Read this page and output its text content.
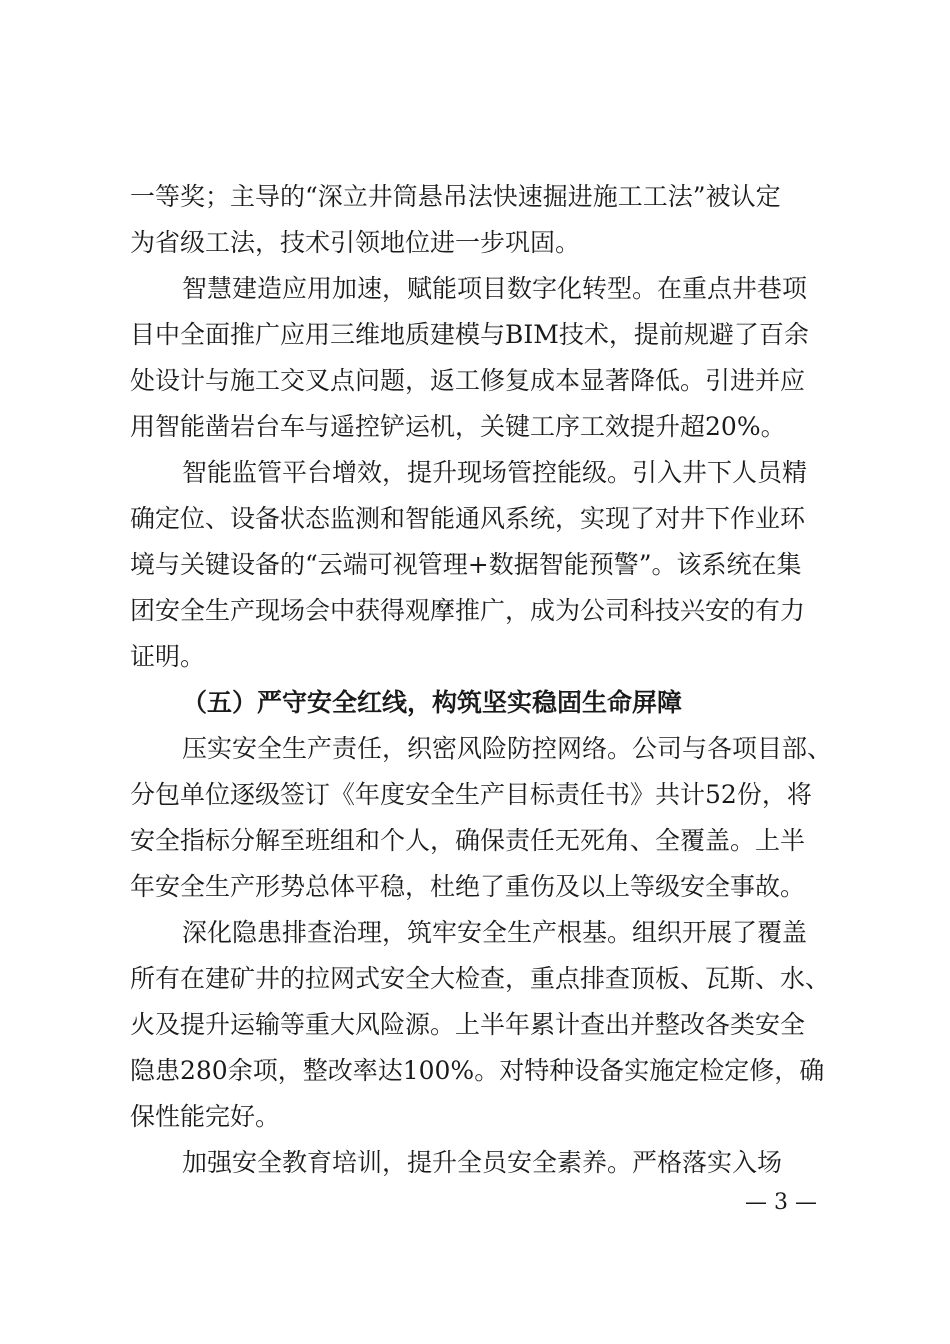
一等奖；主导的“深立井筒悬吊法快速掘进施工工法”被认定
为省级工法，技术引领地位进一步巩固。
智慧建造应用加速，赋能项目数字化转型。在重点井巷项
目中全面推广应用三维地质建模与BIM技术，提前规避了百余
处设计与施工交叉点问题，返工修复成本显著降低。引进并应
用智能凿岩台车与遥控铲运机，关键工序工效提升超20%。
智能监管平台增效，提升现场管控能级。引入井下人员精
确定位、设备状态监测和智能通风系统，实现了对井下作业环
境与关键设备的“云端可视管理+数据智能预警”。该系统在集
团安全生产现场会中获得观摩推广，成为公司科技兴安的有力
证明。
（五）严守安全红线，构筑坚实稳固生命屏障
压实安全生产责任，织密风险防控网络。公司与各项目部、
分包单位逐级签订《年度安全生产目标责任书》共计52份，将
安全指标分解至班组和个人，确保责任无死角、全覆盖。上半
年安全生产形势总体平稳，杜绝了重伤及以上等级安全事故。
深化隐患排查治理，筑牢安全生产根基。组织开展了覆盖
所有在建矿井的拉网式安全大检查，重点排查顶板、瓦斯、水、
火及提升运输等重大风险源。上半年累计查出并整改各类安全
隐患280余项，整改率达100%。对特种设备实施定检定修，确
保性能完好。
加强安全教育培训，提升全员安全素养。严格落实入场
— 3 —
